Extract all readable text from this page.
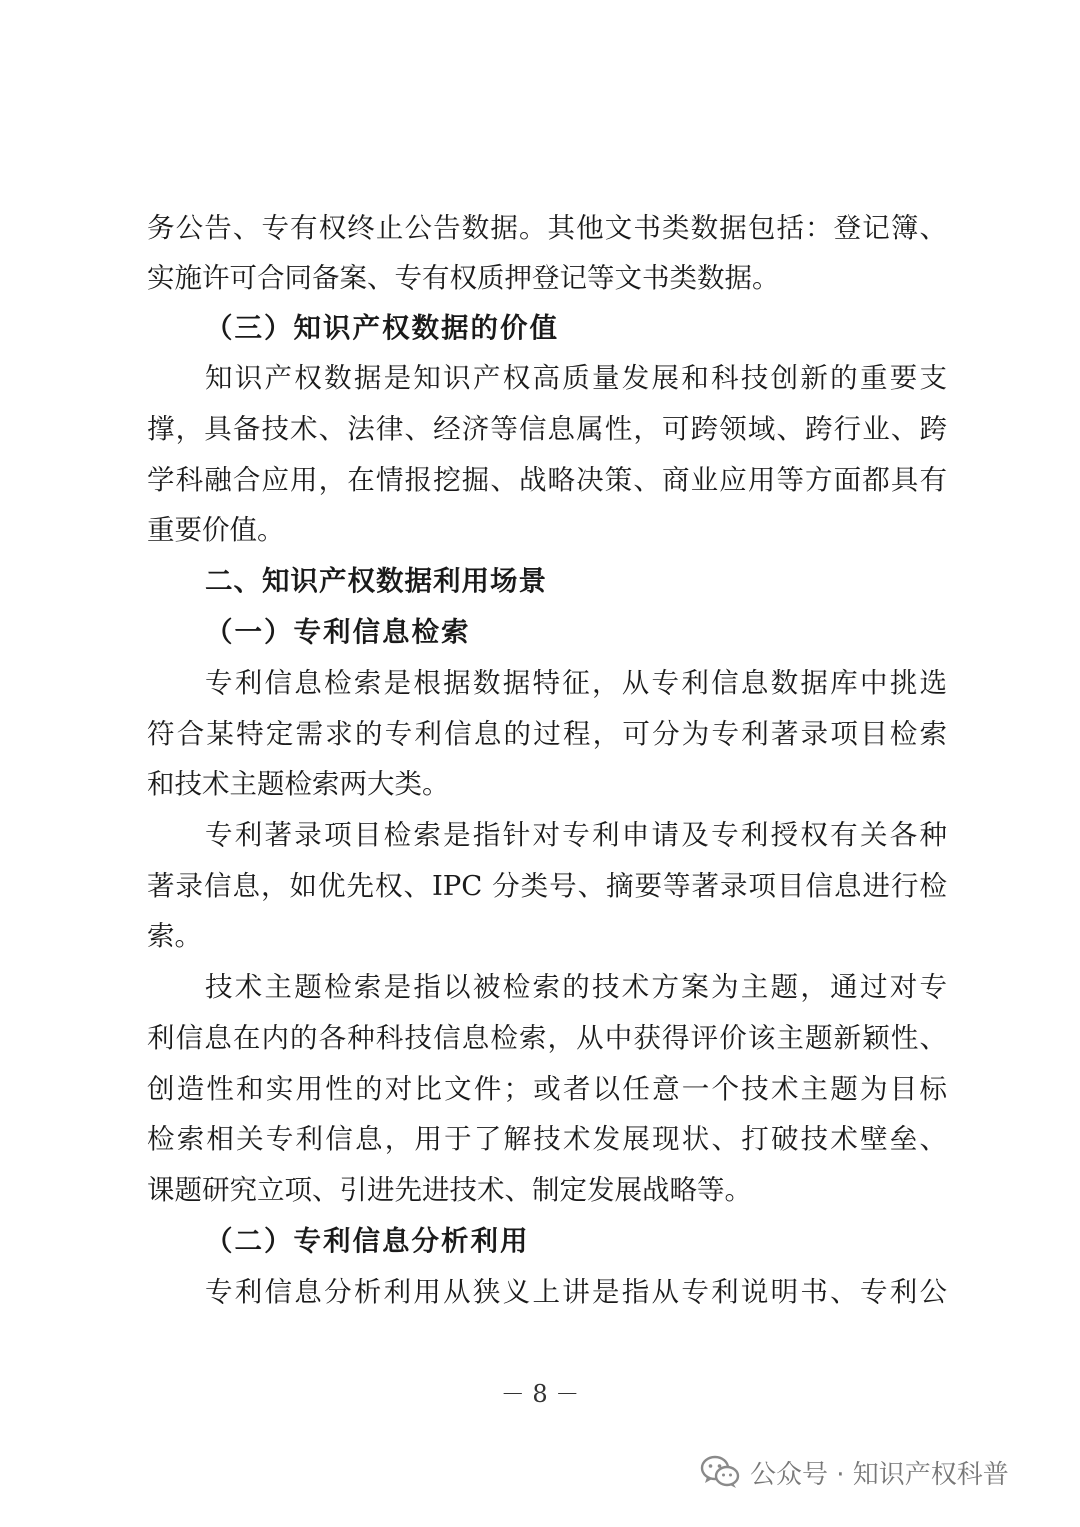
务公告、专有权终止公告数据。其他文书类数据包括：登记簿、
实施许可合同备案、专有权质押登记等文书类数据。
（三）知识产权数据的价值
知识产权数据是知识产权高质量发展和科技创新的重要支
撑，具备技术、法律、经济等信息属性，可跨领域、跨行业、跨
学科融合应用，在情报挖掘、战略决策、商业应用等方面都具有
重要价值。
二、知识产权数据利用场景
（一）专利信息检索
专利信息检索是根据数据特征，从专利信息数据库中挑选
符合某特定需求的专利信息的过程，可分为专利著录项目检索
和技术主题检索两大类。
专利著录项目检索是指针对专利申请及专利授权有关各种
著录信息，如优先权、IPC 分类号、摘要等著录项目信息进行检
索。
技术主题检索是指以被检索的技术方案为主题，通过对专
利信息在内的各种科技信息检索，从中获得评价该主题新颖性、
创造性和实用性的对比文件；或者以任意一个技术主题为目标
检索相关专利信息，用于了解技术发展现状、打破技术壁垒、
课题研究立项、引进先进技术、制定发展战略等。
（二）专利信息分析利用
专利信息分析利用从狭义上讲是指从专利说明书、专利公
－ 8 －
公众号 · 知识产权科普
